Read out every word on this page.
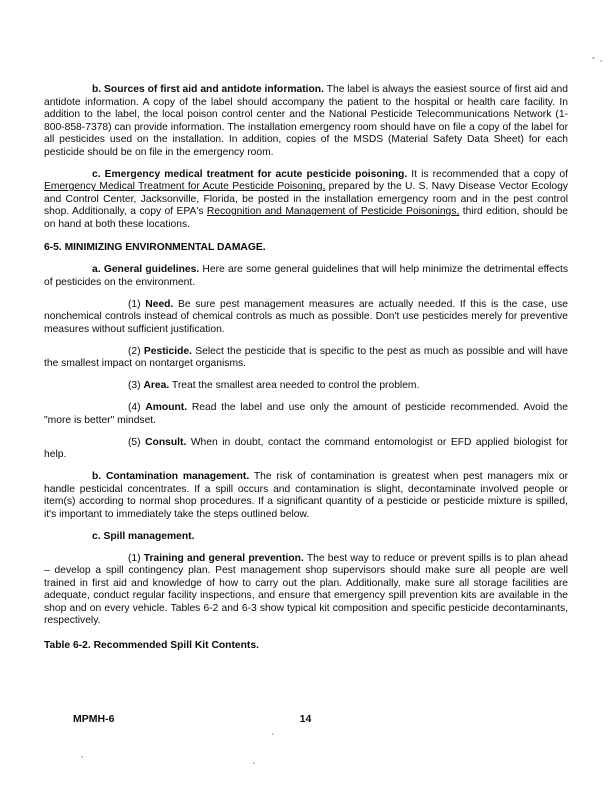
b. Sources of first aid and antidote information. The label is always the easiest source of first aid and antidote information. A copy of the label should accompany the patient to the hospital or health care facility. In addition to the label, the local poison control center and the National Pesticide Telecommunications Network (1-800-858-7378) can provide information. The installation emergency room should have on file a copy of the label for all pesticides used on the installation. In addition, copies of the MSDS (Material Safety Data Sheet) for each pesticide should be on file in the emergency room.

c. Emergency medical treatment for acute pesticide poisoning. It is recommended that a copy of Emergency Medical Treatment for Acute Pesticide Poisoning, prepared by the U. S. Navy Disease Vector Ecology and Control Center, Jacksonville, Florida, be posted in the installation emergency room and in the pest control shop. Additionally, a copy of EPA's Recognition and Management of Pesticide Poisonings, third edition, should be on hand at both these locations.

6-5. MINIMIZING ENVIRONMENTAL DAMAGE.

a. General guidelines. Here are some general guidelines that will help minimize the detrimental effects of pesticides on the environment.

(1) Need. Be sure pest management measures are actually needed. If this is the case, use nonchemical controls instead of chemical controls as much as possible. Don't use pesticides merely for preventive measures without sufficient justification.

(2) Pesticide. Select the pesticide that is specific to the pest as much as possible and will have the smallest impact on nontarget organisms.

(3) Area. Treat the smallest area needed to control the problem.

(4) Amount. Read the label and use only the amount of pesticide recommended. Avoid the "more is better" mindset.

(5) Consult. When in doubt, contact the command entomologist or EFD applied biologist for help.

b. Contamination management. The risk of contamination is greatest when pest managers mix or handle pesticidal concentrates. If a spill occurs and contamination is slight, decontaminate involved people or item(s) according to normal shop procedures. If a significant quantity of a pesticide or pesticide mixture is spilled, it's important to immediately take the steps outlined below.

c. Spill management.

(1) Training and general prevention. The best way to reduce or prevent spills is to plan ahead – develop a spill contingency plan. Pest management shop supervisors should make sure all people are well trained in first aid and knowledge of how to carry out the plan. Additionally, make sure all storage facilities are adequate, conduct regular facility inspections, and ensure that emergency spill prevention kits are available in the shop and on every vehicle. Tables 6-2 and 6-3 show typical kit composition and specific pesticide decontaminants, respectively.

Table 6-2. Recommended Spill Kit Contents.

MPMH-6	14
